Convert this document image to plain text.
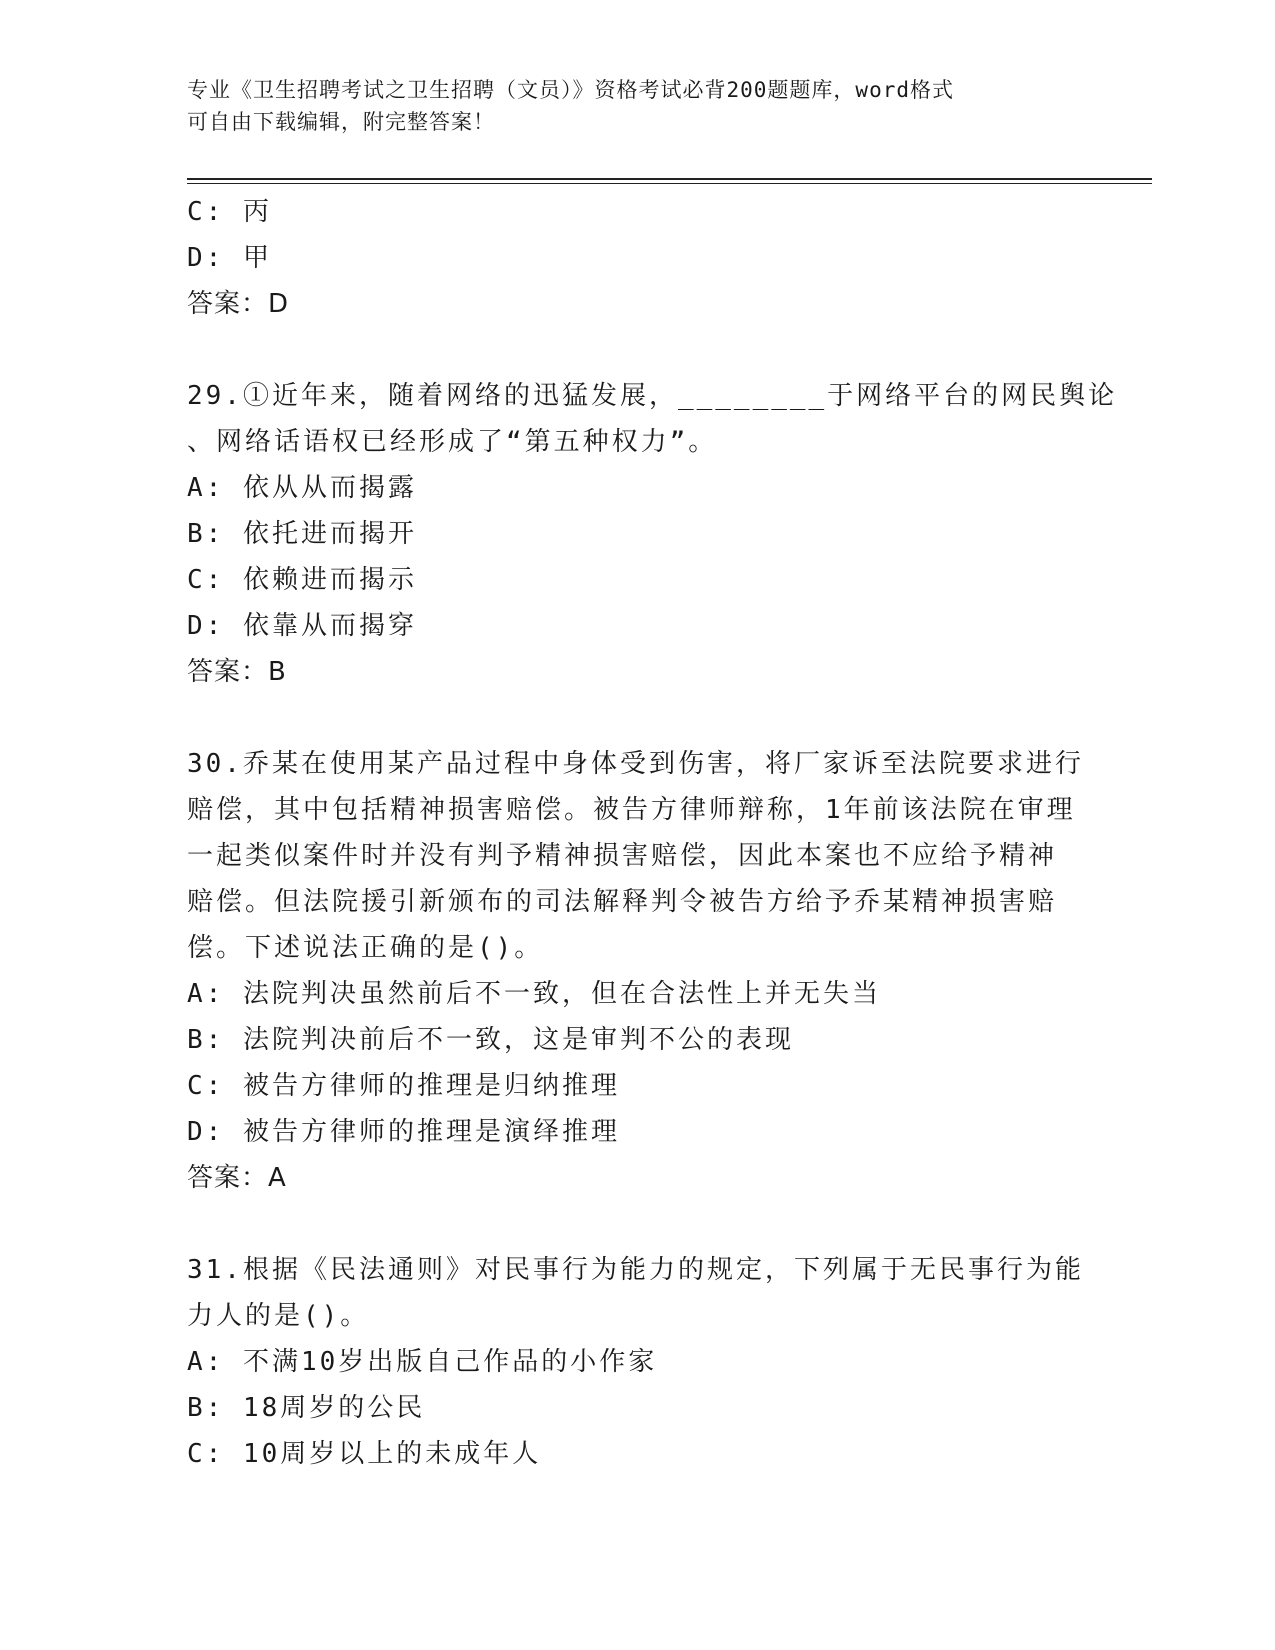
专业《卫生招聘考试之卫生招聘（文员）》资格考试必背200题题库，word格式
可自由下载编辑，附完整答案！
C: 丙
D: 甲
答案：D
29.①近年来，随着网络的迅猛发展，________于网络平台的网民舆论
、网络话语权已经形成了“第五种权力”。
A: 依从从而揭露
B: 依托进而揭开
C: 依赖进而揭示
D: 依靠从而揭穿
答案：B
30.乔某在使用某产品过程中身体受到伤害，将厂家诉至法院要求进行
赔偿，其中包括精神损害赔偿。被告方律师辩称，1年前该法院在审理
一起类似案件时并没有判予精神损害赔偿，因此本案也不应给予精神
赔偿。但法院援引新颁布的司法解释判令被告方给予乔某精神损害赔
偿。下述说法正确的是()。
A: 法院判决虽然前后不一致，但在合法性上并无失当
B: 法院判决前后不一致，这是审判不公的表现
C: 被告方律师的推理是归纳推理
D: 被告方律师的推理是演绎推理
答案：A
31.根据《民法通则》对民事行为能力的规定，下列属于无民事行为能
力人的是()。
A: 不满10岁出版自己作品的小作家
B: 18周岁的公民
C: 10周岁以上的未成年人
